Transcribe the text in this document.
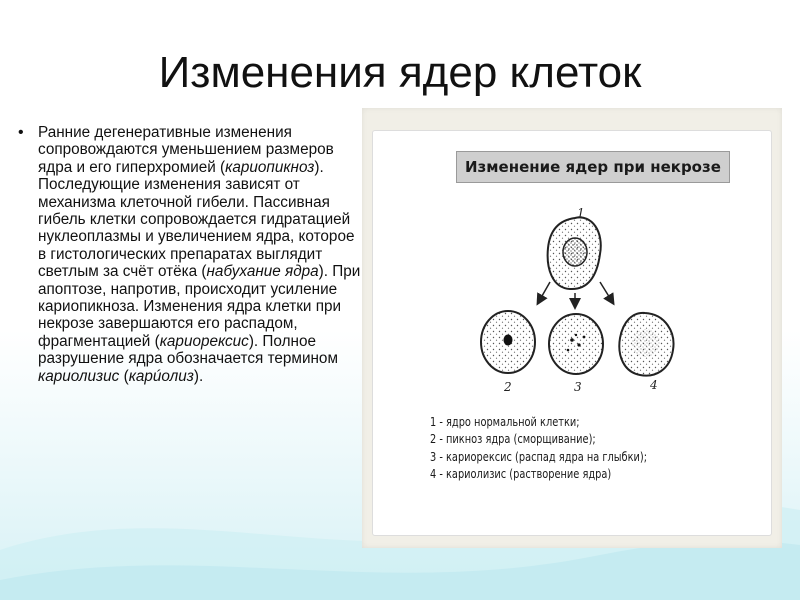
Изменения ядер клеток
• Ранние дегенеративные изменения сопровождаются уменьшением размеров ядра и его гиперхромией (кариопикноз). Последующие изменения зависят от механизма клеточной гибели. Пассивная гибель клетки сопровождается гидратацией нуклеоплазмы и увеличением ядра, которое в гистологических препаратах выглядит светлым за счёт отёка (набухание ядра). При апоптозе, напротив, происходит усиление кариопикноза. Изменения ядра клетки при некрозе завершаются его распадом, фрагментацией (кариорексис). Полное разрушение ядра обозначается термином кариолизис (карúолиз).
Изменение ядер при некрозе
1
2	3	4
1 - ядро нормальной клетки;
2 - пикноз ядра (сморщивание);
3 - кариорексис (распад ядра на глыбки);
4 - кариолизис (растворение ядра)
